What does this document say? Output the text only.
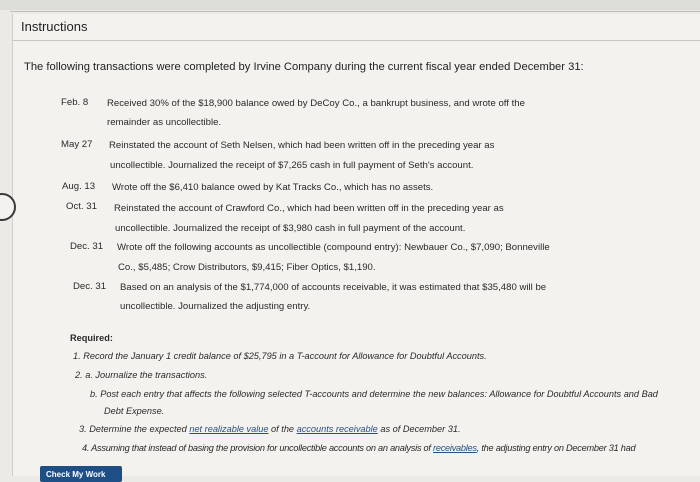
Instructions
The following transactions were completed by Irvine Company during the current fiscal year ended December 31:
Feb. 8 Received 30% of the $18,900 balance owed by DeCoy Co., a bankrupt business, and wrote off the
remainder as uncollectible.
May 27 Reinstated the account of Seth Nelsen, which had been written off in the preceding year as
uncollectible. Journalized the receipt of $7,265 cash in full payment of Seth's account.
Aug. 13 Wrote off the $6,410 balance owed by Kat Tracks Co., which has no assets.
Oct. 31 Reinstated the account of Crawford Co., which had been written off in the preceding year as
uncollectible. Journalized the receipt of $3,980 cash in full payment of the account.
Dec. 31 Wrote off the following accounts as uncollectible (compound entry): Newbauer Co., $7,090; Bonneville
Co., $5,485; Crow Distributors, $9,415; Fiber Optics, $1,190.
Dec. 31 Based on an analysis of the $1,774,000 of accounts receivable, it was estimated that $35,480 will be
uncollectible. Journalized the adjusting entry.
Required:
1. Record the January 1 credit balance of $25,795 in a T-account for Allowance for Doubtful Accounts.
2. a. Journalize the transactions.
b. Post each entry that affects the following selected T-accounts and determine the new balances: Allowance for Doubtful Accounts and Bad
Debt Expense.
3. Determine the expected net realizable value of the accounts receivable as of December 31.
4. Assuming that instead of basing the provision for uncollectible accounts on an analysis of receivables, the adjusting entry on December 31 had
Check My Work
